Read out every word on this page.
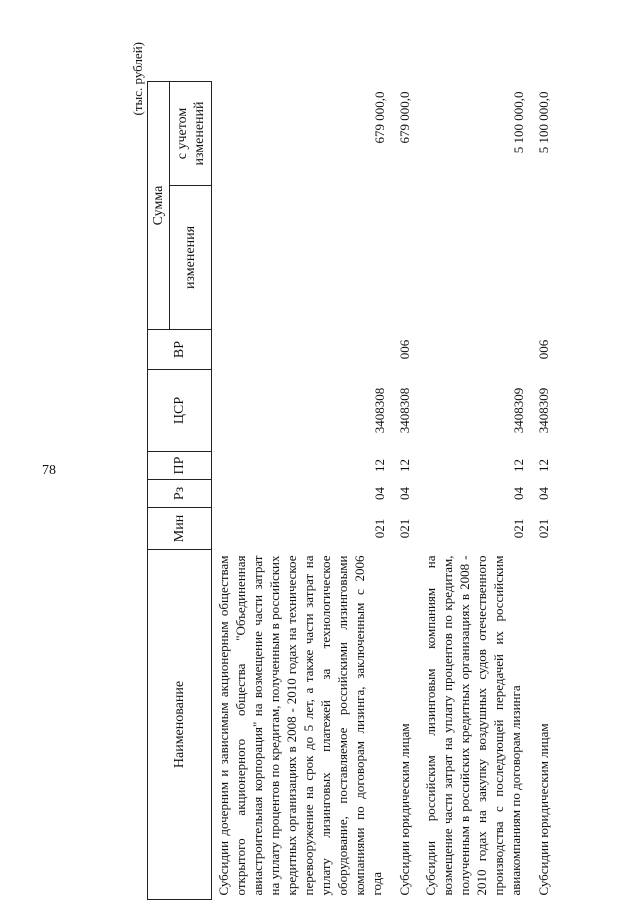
78
(тыс. рублей)
Наименование	Мин	Рз	ПР	ЦСР	ВР	Сумма	
						изменения	с учетом изменений
Субсидии дочерним и зависимым акционерным обществам открытого акционерного общества "Объединенная авиастроительная корпорация" на возмещение части затрат на уплату процентов по кредитам, полученным в российских кредитных организациях в 2008 - 2010 годах на техническое перевооружение на срок до 5 лет, а также части затрат на уплату лизинговых платежей за технологическое оборудование, поставляемое российскими лизинговыми компаниями по договорам лизинга, заключенным с 2006 года	021	04	12	3408308			679 000,0
Субсидии юридическим лицам	021	04	12	3408308	006		679 000,0
Субсидии российским лизинговым компаниям на возмещение части затрат на уплату процентов по кредитам, полученным в российских кредитных организациях в 2008 - 2010 годах на закупку воздушных судов отечественного производства с последующей передачей их российским авиакомпаниям по договорам лизинга	021	04	12	3408309			5 100 000,0
Субсидии юридическим лицам	021	04	12	3408309	006		5 100 000,0
